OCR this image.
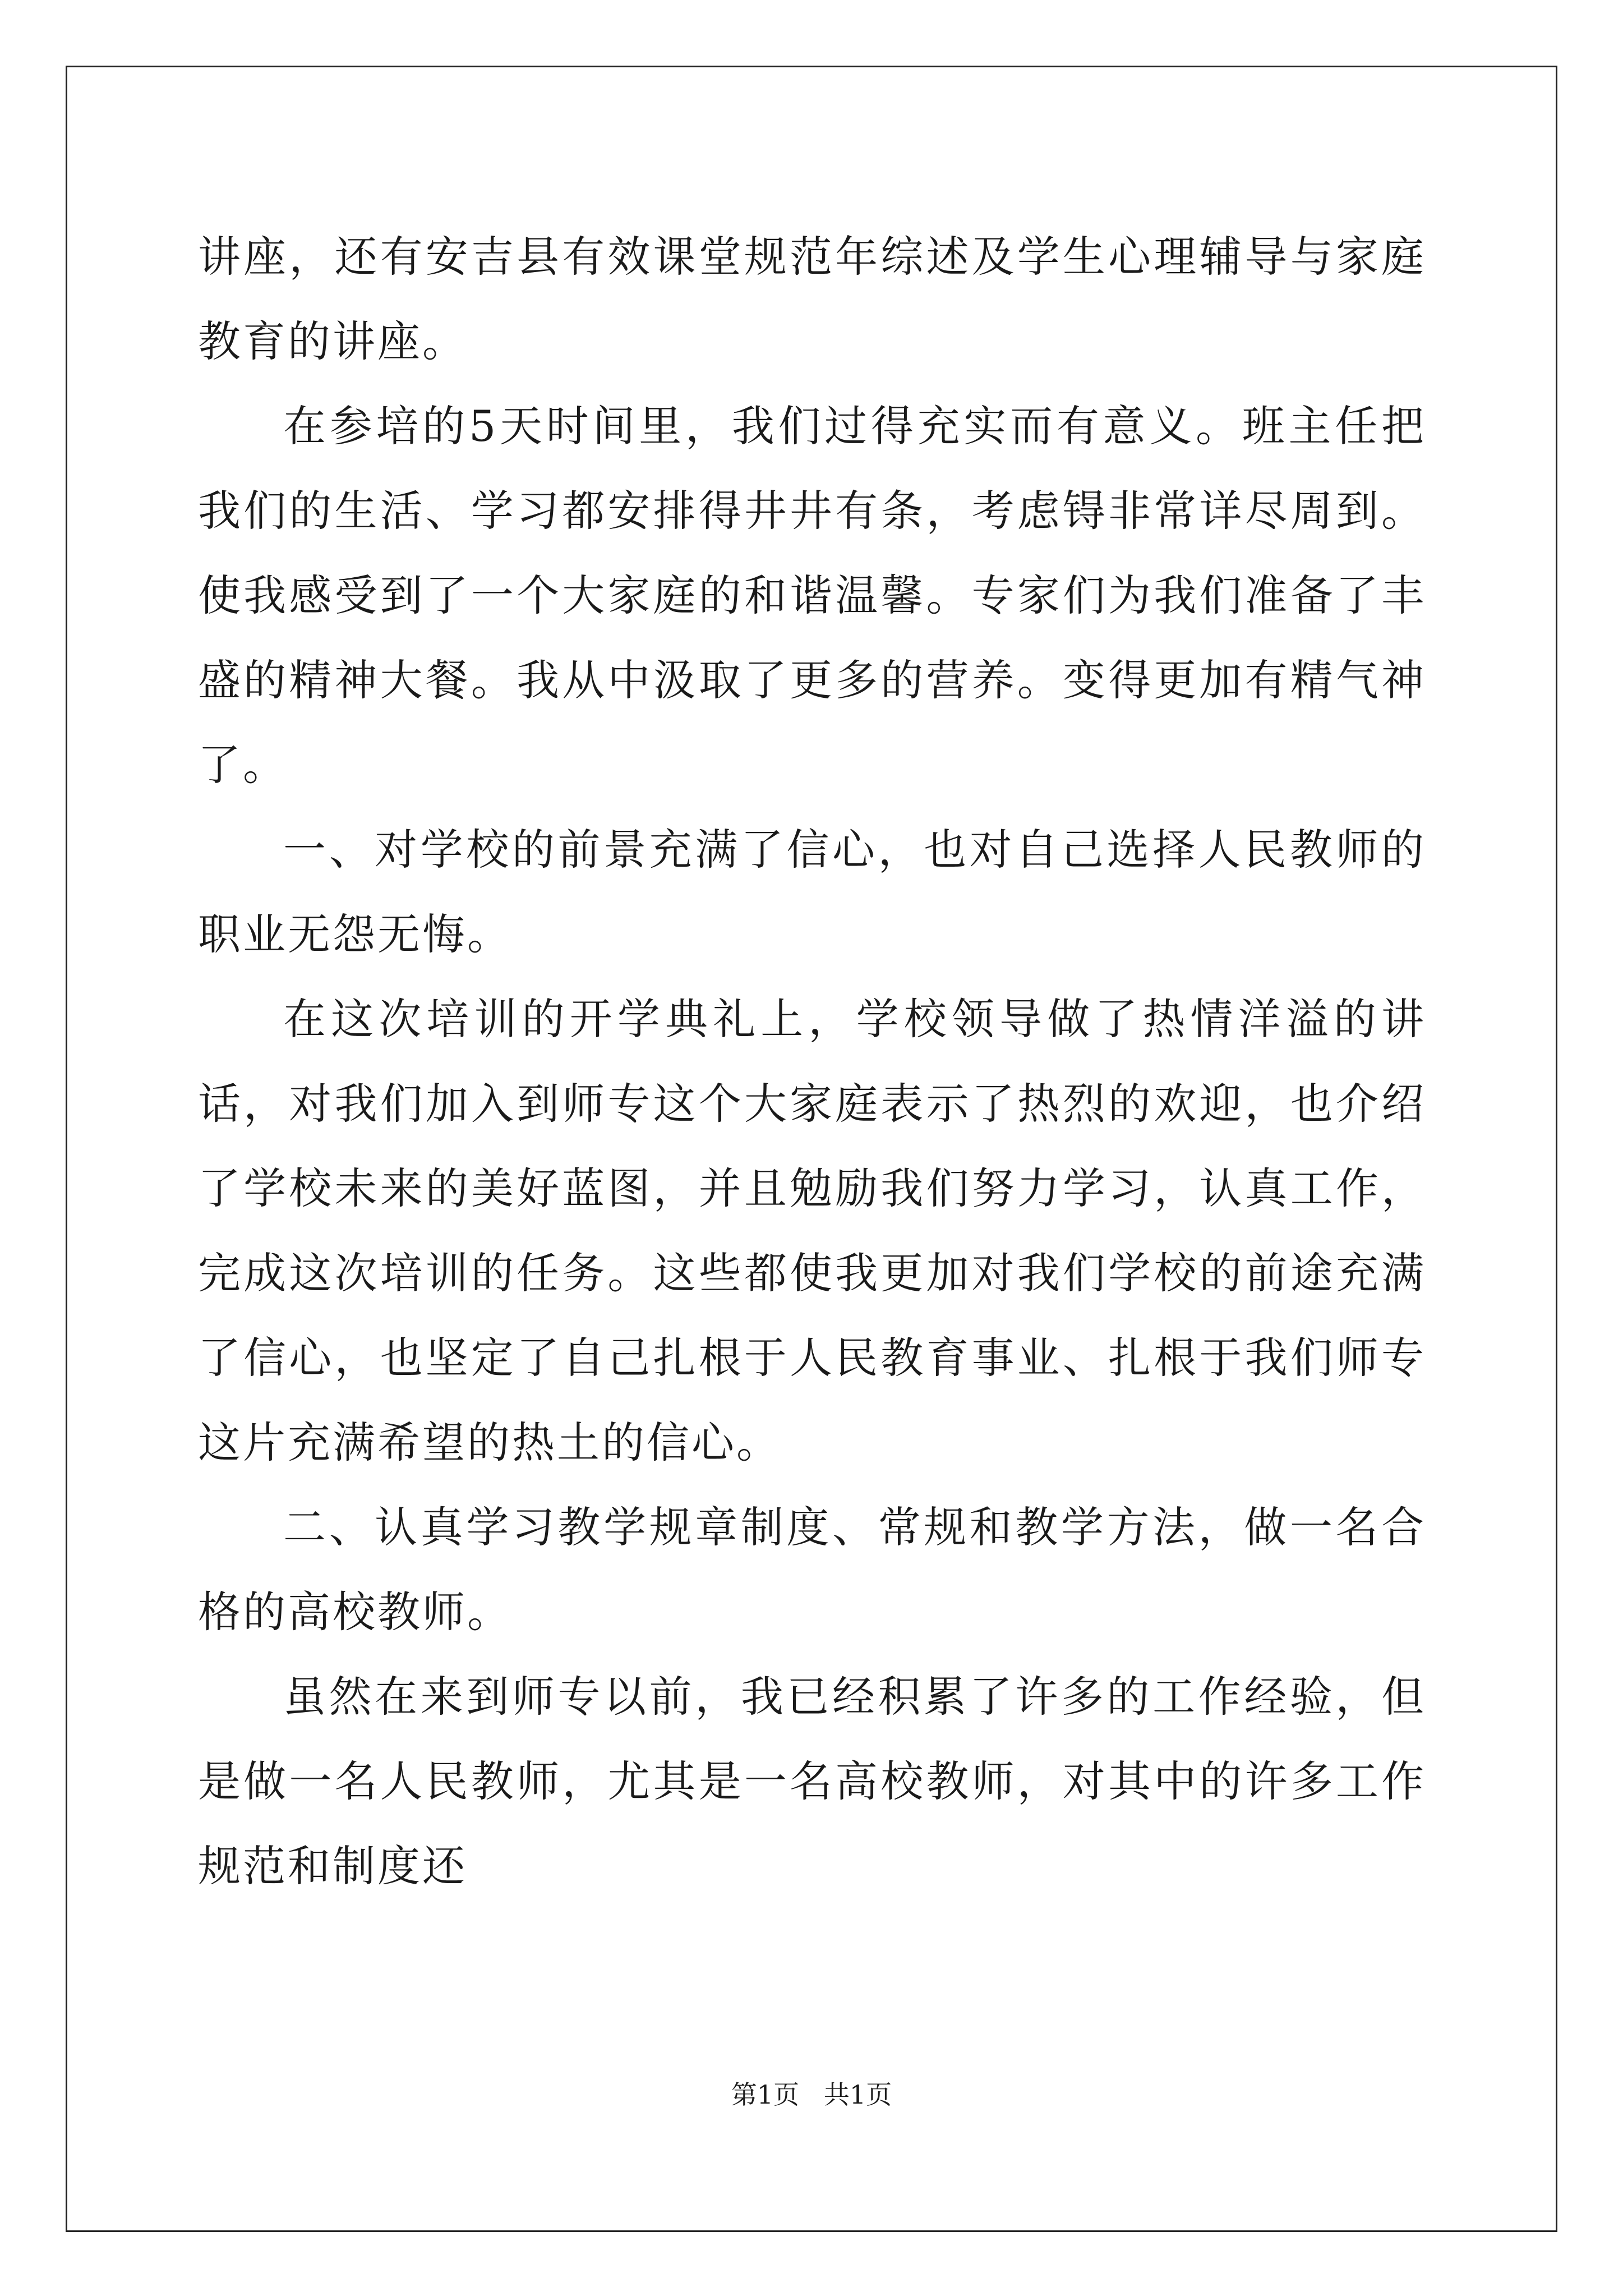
讲座，还有安吉县有效课堂规范年综述及学生心理辅导与家庭教育的讲座。

在参培的5天时间里，我们过得充实而有意义。班主任把我们的生活、学习都安排得井井有条，考虑锝非常详尽周到。使我感受到了一个大家庭的和谐温馨。专家们为我们准备了丰盛的精神大餐。我从中汲取了更多的营养。变得更加有精气神了。

一、对学校的前景充满了信心，也对自己选择人民教师的职业无怨无悔。

在这次培训的开学典礼上，学校领导做了热情洋溢的讲话，对我们加入到师专这个大家庭表示了热烈的欢迎，也介绍了学校未来的美好蓝图，并且勉励我们努力学习，认真工作，完成这次培训的任务。这些都使我更加对我们学校的前途充满了信心，也坚定了自己扎根于人民教育事业、扎根于我们师专这片充满希望的热土的信心。

二、认真学习教学规章制度、常规和教学方法，做一名合格的高校教师。

虽然在来到师专以前，我已经积累了许多的工作经验，但是做一名人民教师，尤其是一名高校教师，对其中的许多工作规范和制度还

第1页   共1页
